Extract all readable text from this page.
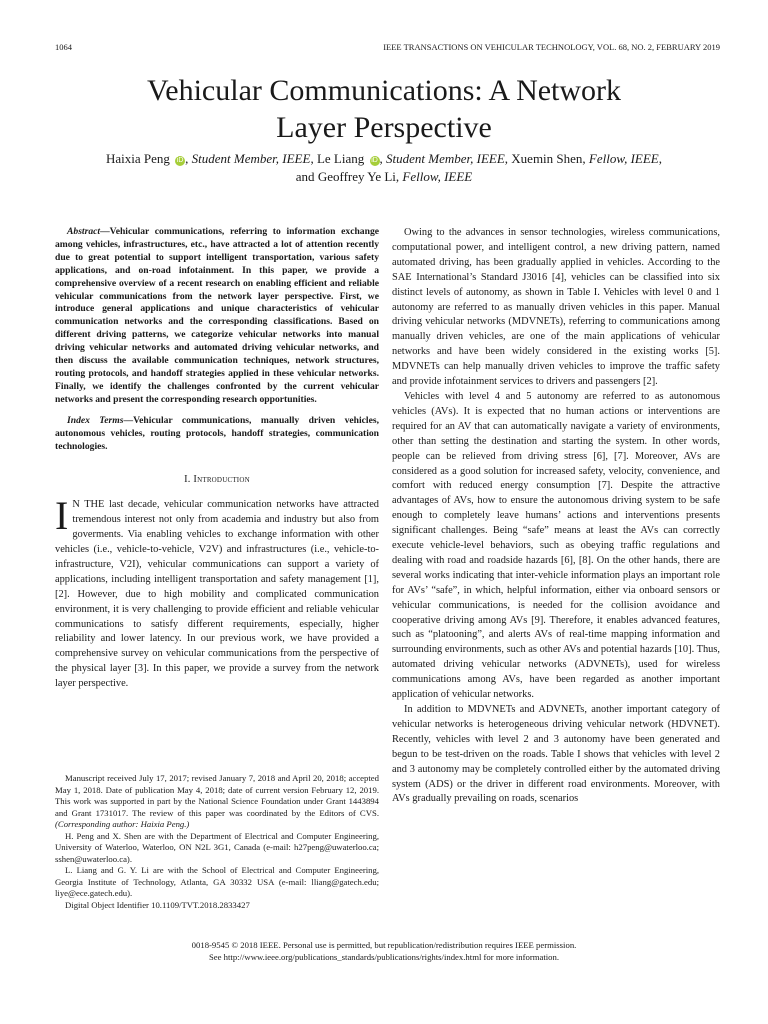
1064	IEEE TRANSACTIONS ON VEHICULAR TECHNOLOGY, VOL. 68, NO. 2, FEBRUARY 2019
Vehicular Communications: A Network
Layer Perspective
Haixia Peng iD , Student Member, IEEE, Le Liang iD , Student Member, IEEE, Xuemin Shen, Fellow, IEEE,
and Geoffrey Ye Li, Fellow, IEEE

Abstract—Vehicular communications, referring to information exchange among vehicles, infrastructures, etc., have attracted a lot of attention recently due to great potential to support intelligent transportation, various safety applications, and on-road infotainment. In this paper, we provide a comprehensive overview of a recent research on enabling efficient and reliable vehicular communications from the network layer perspective. First, we introduce general applications and unique characteristics of vehicular communication networks and the corresponding classifications. Based on different driving patterns, we categorize vehicular networks into manual driving vehicular networks and automated driving vehicular networks, and then discuss the available communication techniques, network structures, routing protocols, and handoff strategies applied in these vehicular networks. Finally, we identify the challenges confronted by the current vehicular networks and present the corresponding research opportunities.

Index Terms—Vehicular communications, manually driven vehicles, autonomous vehicles, routing protocols, handoff strategies, communication technologies.

I. Introduction

I N THE last decade, vehicular communication networks have attracted tremendous interest not only from academia and industry but also from goverments. Via enabling vehicles to exchange information with other vehicles (i.e., vehicle-to-vehicle, V2V) and infrastructures (i.e., vehicle-to-infrastructure, V2I), vehicular communications can support a variety of applications, including intelligent transportation and safety management [1], [2]. However, due to high mobility and complicated communication environment, it is very challenging to provide efficient and reliable vehicular communications to satisfy different requirements, especially, higher reliability and lower latency. In our previous work, we have provided a comprehensive survey on vehicular communications from the perspective of the physical layer [3]. In this paper, we provide a survey from the network layer perspective.

Manuscript received July 17, 2017; revised January 7, 2018 and April 20, 2018; accepted May 1, 2018. Date of publication May 4, 2018; date of current version February 12, 2019. This work was supported in part by the National Science Foundation under Grant 1443894 and Grant 1731017. The review of this paper was coordinated by the Editors of CVS. (Corresponding author: Haixia Peng.)

H. Peng and X. Shen are with the Department of Electrical and Computer Engineering, University of Waterloo, Waterloo, ON N2L 3G1, Canada (e-mail: h27peng@uwaterloo.ca; sshen@uwaterloo.ca).

L. Liang and G. Y. Li are with the School of Electrical and Computer Engineering, Georgia Institute of Technology, Atlanta, GA 30332 USA (e-mail: lliang@gatech.edu; liye@ece.gatech.edu).

Digital Object Identifier 10.1109/TVT.2018.2833427

Owing to the advances in sensor technologies, wireless communications, computational power, and intelligent control, a new driving pattern, named automated driving, has been gradually applied in vehicles. According to the SAE International’s Standard J3016 [4], vehicles can be classified into six distinct levels of autonomy, as shown in Table I. Vehicles with level 0 and 1 autonomy are referred to as manually driven vehicles in this paper. Manual driving vehicular networks (MDVNETs), referring to communications among manually driven vehicles, are one of the main applications of vehicular networks and have been widely considered in the existing works [5]. MDVNETs can help manually driven vehicles to improve the traffic safety and provide infotainment services to drivers and passengers [2].

Vehicles with level 4 and 5 autonomy are referred to as autonomous vehicles (AVs). It is expected that no human actions or interventions are required for an AV that can automatically navigate a variety of environments, other than setting the destination and starting the system. In other words, people can be relieved from driving stress [6], [7]. Moreover, AVs are considered as a good solution for increased safety, velocity, convenience, and comfort with reduced energy consumption [7]. Despite the attractive advantages of AVs, how to ensure the autonomous driving system to be safe enough to completely leave humans’ actions and interventions presents significant challenges. Being “safe” means at least the AVs can correctly execute vehicle-level behaviors, such as obeying traffic regulations and dealing with road and roadside hazards [6], [8]. On the other hands, there are several works indicating that inter-vehicle information plays an important role for AVs’ “safe”, in which, helpful information, either via onboard sensors or vehicular communications, is needed for the collision avoidance and cooperative driving among AVs [9]. Therefore, it enables advanced features, such as “platooning”, and alerts AVs of real-time mapping information and surrounding environments, such as other AVs and potential hazards [10]. Thus, automated driving vehicular networks (ADVNETs), used for wireless communications among AVs, have been regarded as another important application of vehicular networks.

In addition to MDVNETs and ADVNETs, another important category of vehicular networks is heterogeneous driving vehicular network (HDVNET). Recently, vehicles with level 2 and 3 autonomy have been generated and begun to be test-driven on the roads. Table I shows that vehicles with level 2 and 3 autonomy may be completely controlled either by the automated driving system (ADS) or the driver in different road environments. Moreover, with AVs gradually prevailing on roads, scenarios

0018-9545 © 2018 IEEE. Personal use is permitted, but republication/redistribution requires IEEE permission.
See http://www.ieee.org/publications_standards/publications/rights/index.html for more information.
